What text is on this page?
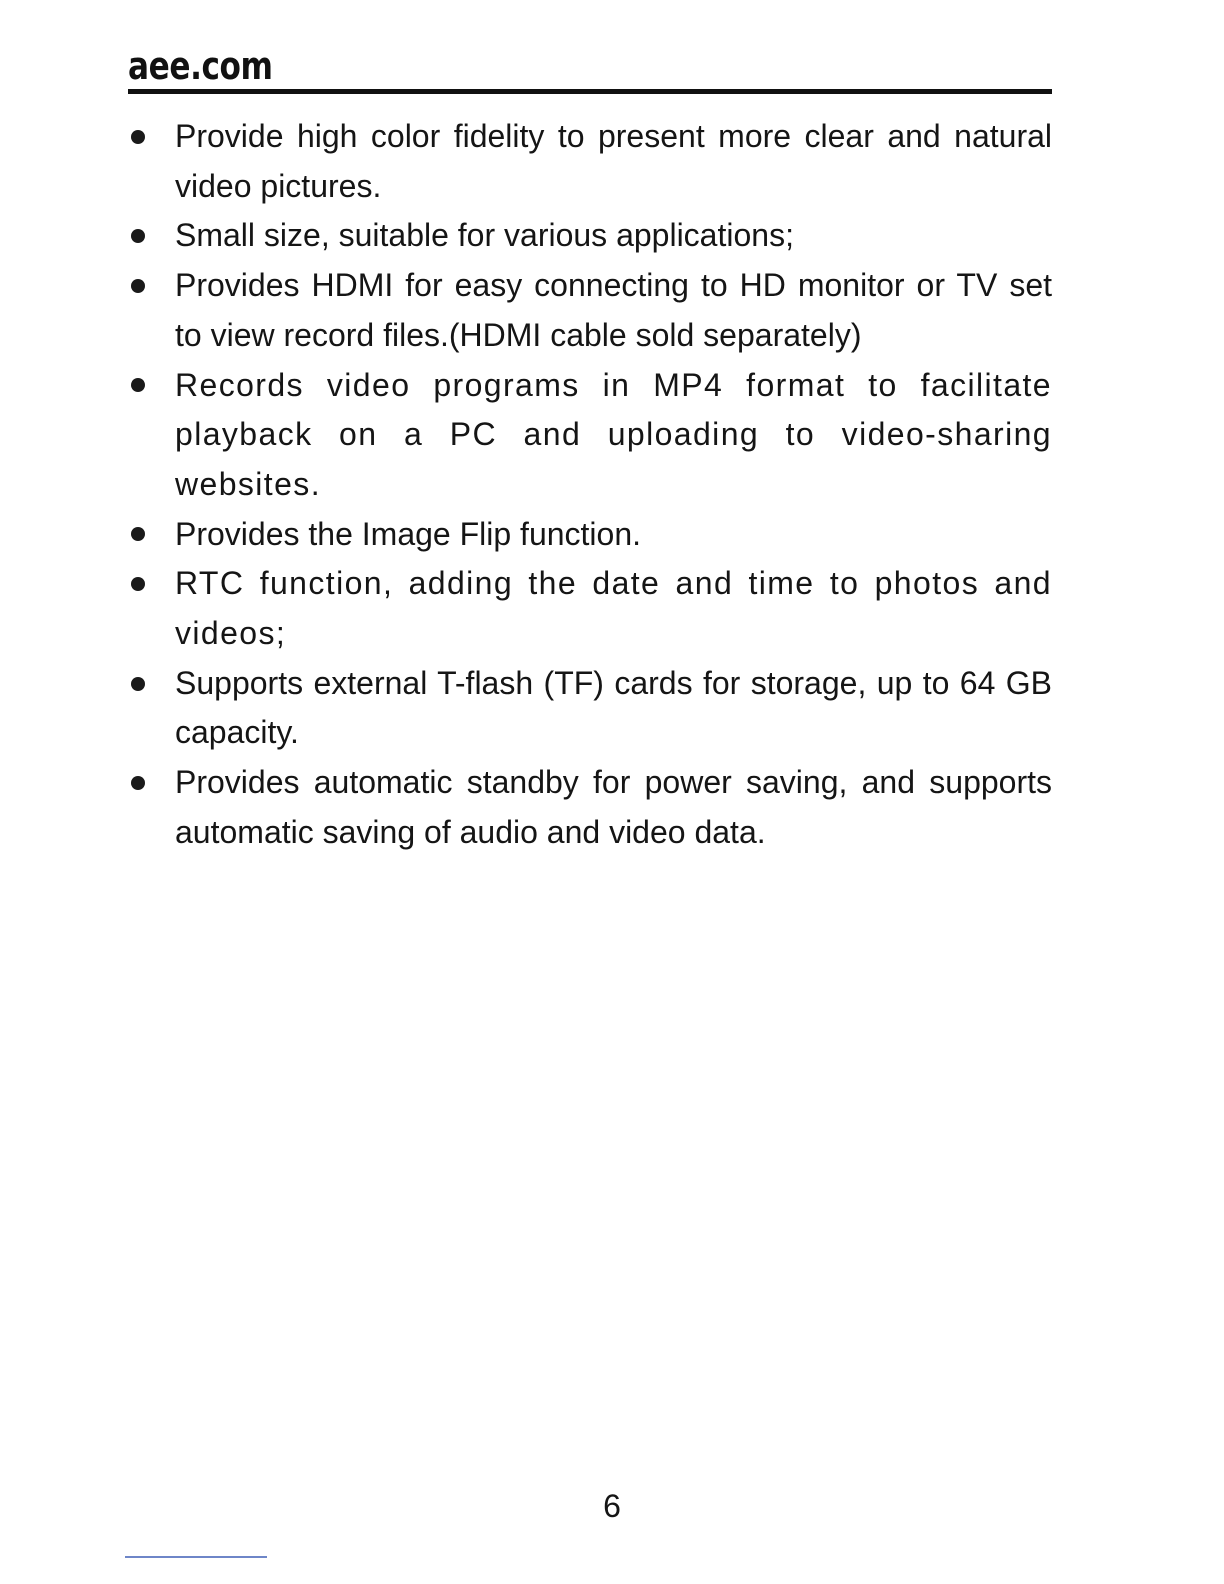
aee.com
Provide high color fidelity to present more clear and natural video pictures.
Small size, suitable for various applications;
Provides HDMI for easy connecting to HD monitor or TV set to view record files.(HDMI cable sold separately)
Records video programs in MP4 format to facilitate playback on a PC and uploading to video-sharing websites.
Provides the Image Flip function.
RTC function, adding the date and time to photos and videos;
Supports external T-flash (TF) cards for storage, up to 64 GB capacity.
Provides automatic standby for power saving, and supports automatic saving of audio and video data.
6
